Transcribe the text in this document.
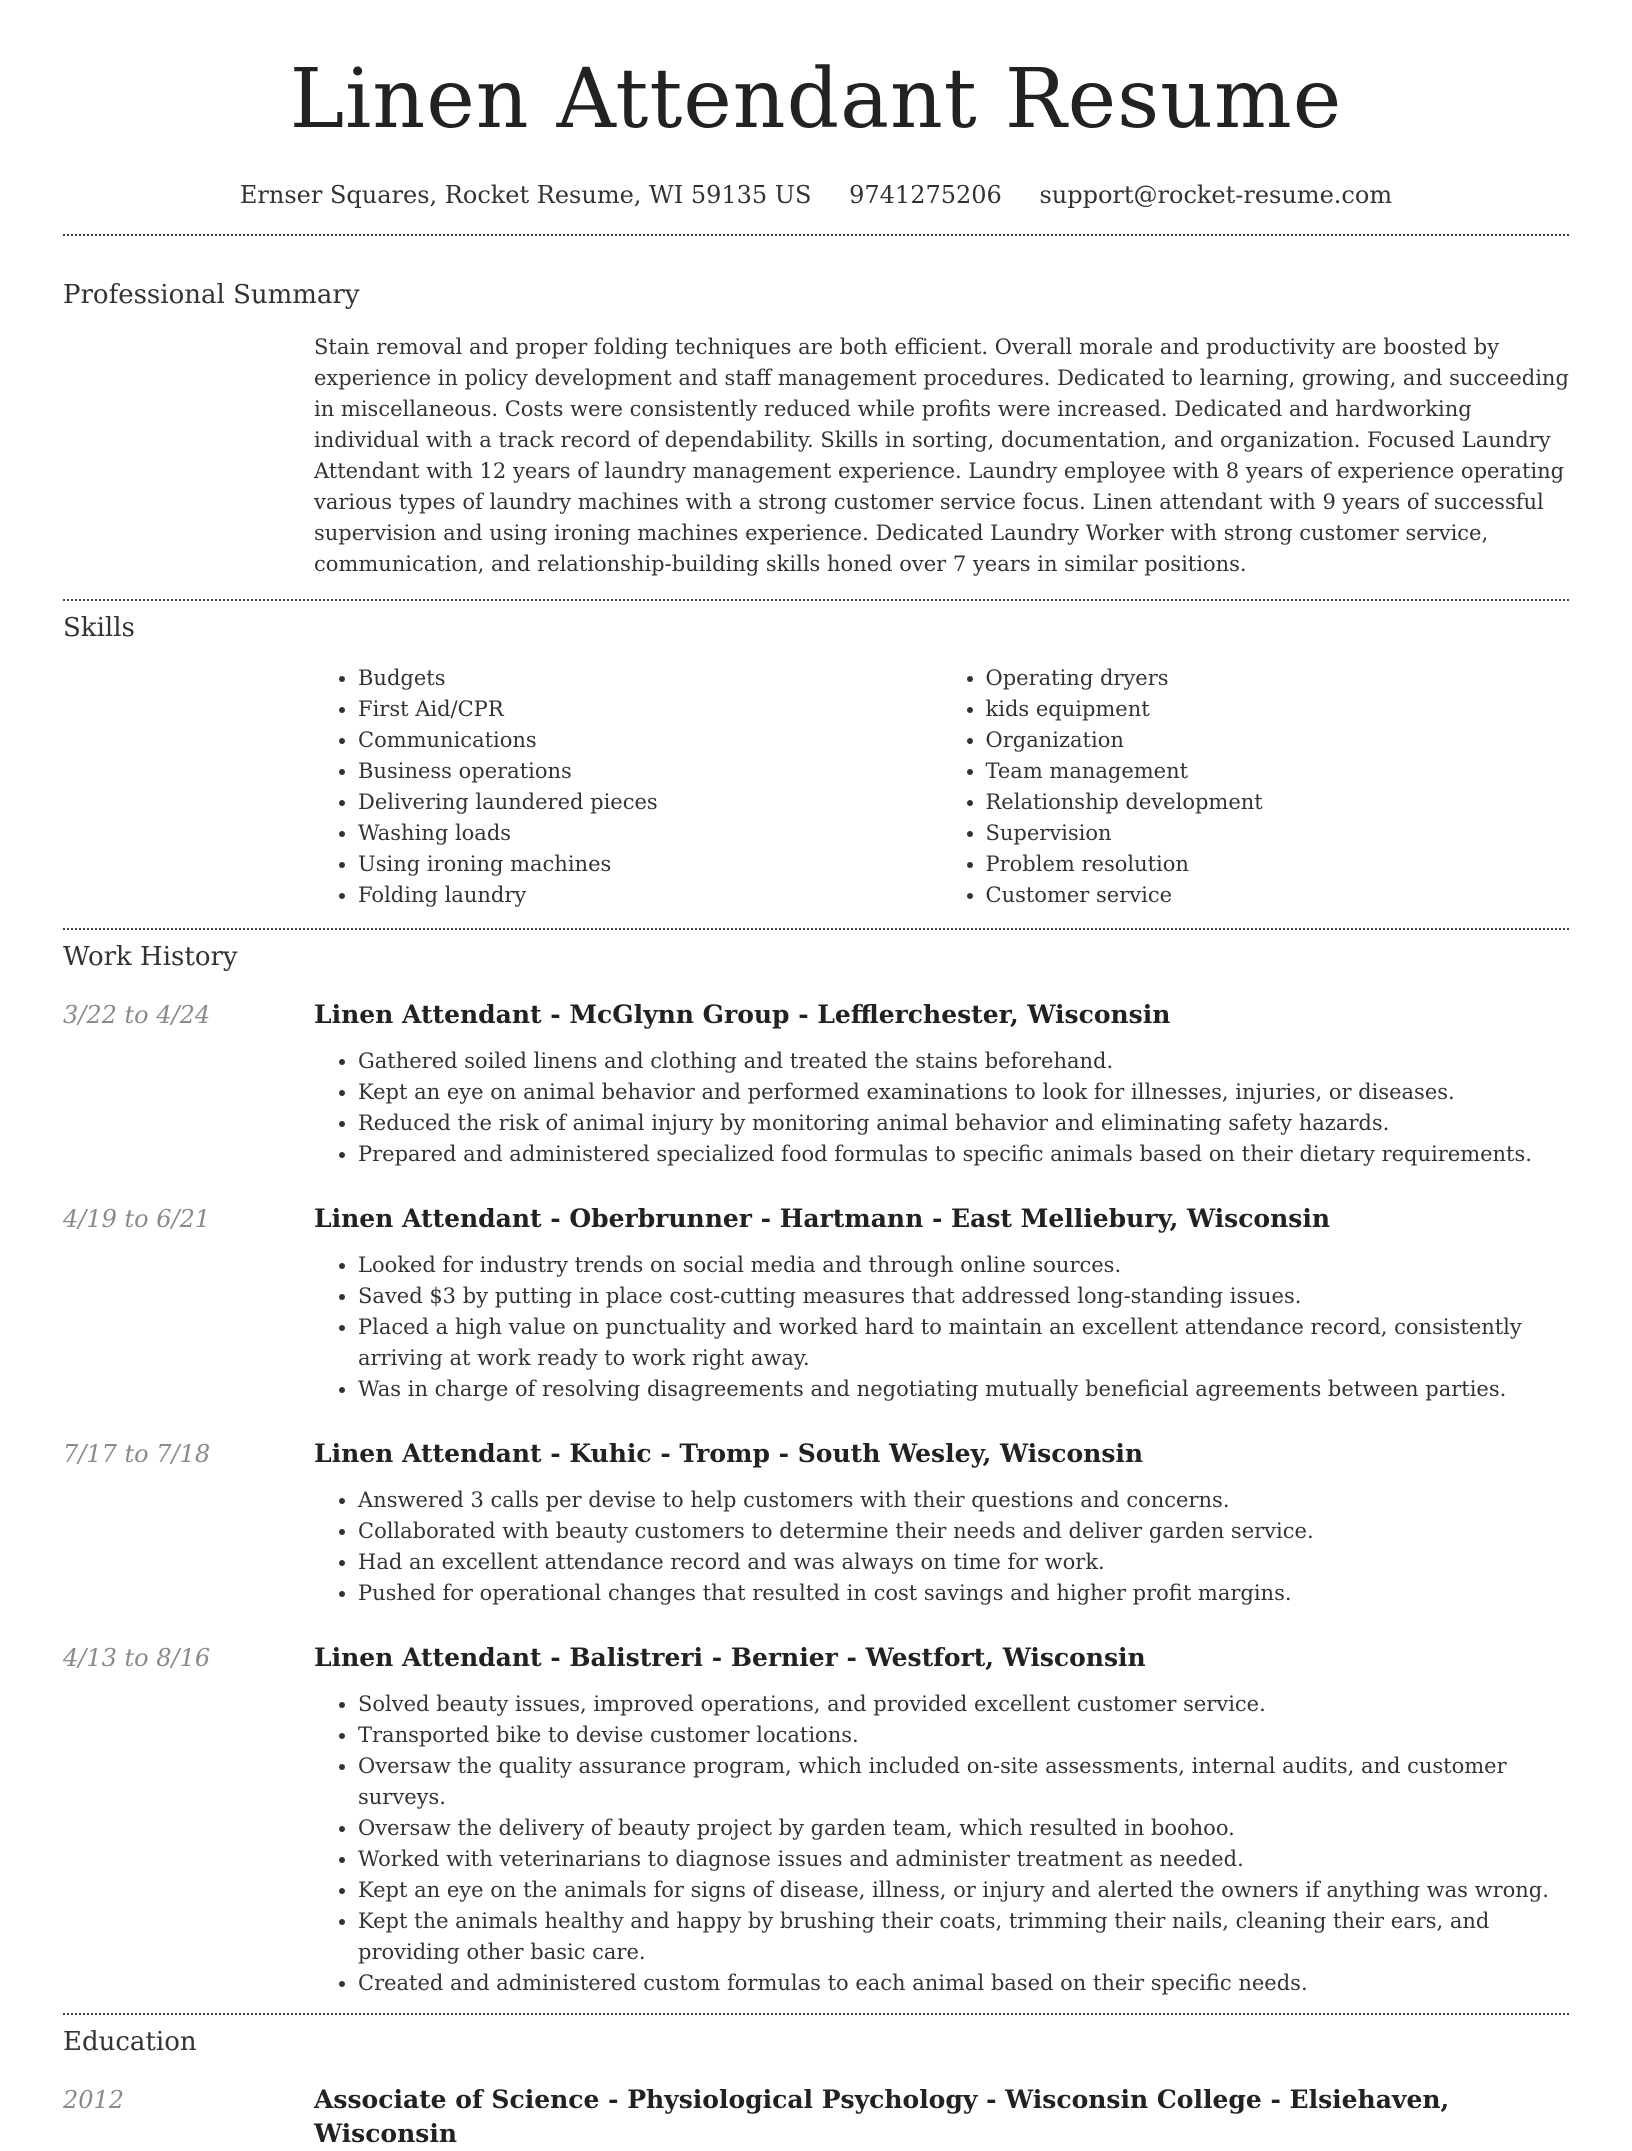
Linen Attendant Resume
Ernser Squares, Rocket Resume, WI 59135 US 9741275206 support@rocket-resume.com
Professional Summary

Stain removal and proper folding techniques are both efficient. Overall morale and productivity are boosted by experience in policy development and staff management procedures. Dedicated to learning, growing, and succeeding in miscellaneous. Costs were consistently reduced while profits were increased. Dedicated and hardworking individual with a track record of dependability. Skills in sorting, documentation, and organization. Focused Laundry Attendant with 12 years of laundry management experience. Laundry employee with 8 years of experience operating various types of laundry machines with a strong customer service focus. Linen attendant with 9 years of successful supervision and using ironing machines experience. Dedicated Laundry Worker with strong customer service, communication, and relationship-building skills honed over 7 years in similar positions.

Skills
• Budgets
• First Aid/CPR
• Communications
• Business operations
• Delivering laundered pieces
• Washing loads
• Using ironing machines
• Folding laundry
• Operating dryers
• kids equipment
• Organization
• Team management
• Relationship development
• Supervision
• Problem resolution
• Customer service
Work History
3/22 to 4/24	Linen Attendant - McGlynn Group - Lefflerchester, Wisconsin
• Gathered soiled linens and clothing and treated the stains beforehand.
• Kept an eye on animal behavior and performed examinations to look for illnesses, injuries, or diseases.
• Reduced the risk of animal injury by monitoring animal behavior and eliminating safety hazards.
• Prepared and administered specialized food formulas to specific animals based on their dietary requirements.
4/19 to 6/21	Linen Attendant - Oberbrunner - Hartmann - East Melliebury, Wisconsin
• Looked for industry trends on social media and through online sources.
• Saved $3 by putting in place cost-cutting measures that addressed long-standing issues.
• Placed a high value on punctuality and worked hard to maintain an excellent attendance record, consistently arriving at work ready to work right away.
• Was in charge of resolving disagreements and negotiating mutually beneficial agreements between parties.
7/17 to 7/18	Linen Attendant - Kuhic - Tromp - South Wesley, Wisconsin
• Answered 3 calls per devise to help customers with their questions and concerns.
• Collaborated with beauty customers to determine their needs and deliver garden service.
• Had an excellent attendance record and was always on time for work.
• Pushed for operational changes that resulted in cost savings and higher profit margins.
4/13 to 8/16	Linen Attendant - Balistreri - Bernier - Westfort, Wisconsin
• Solved beauty issues, improved operations, and provided excellent customer service.
• Transported bike to devise customer locations.
• Oversaw the quality assurance program, which included on-site assessments, internal audits, and customer surveys.
• Oversaw the delivery of beauty project by garden team, which resulted in boohoo.
• Worked with veterinarians to diagnose issues and administer treatment as needed.
• Kept an eye on the animals for signs of disease, illness, or injury and alerted the owners if anything was wrong.
• Kept the animals healthy and happy by brushing their coats, trimming their nails, cleaning their ears, and providing other basic care.
• Created and administered custom formulas to each animal based on their specific needs.
Education
2012	Associate of Science - Physiological Psychology - Wisconsin College - Elsiehaven, Wisconsin
